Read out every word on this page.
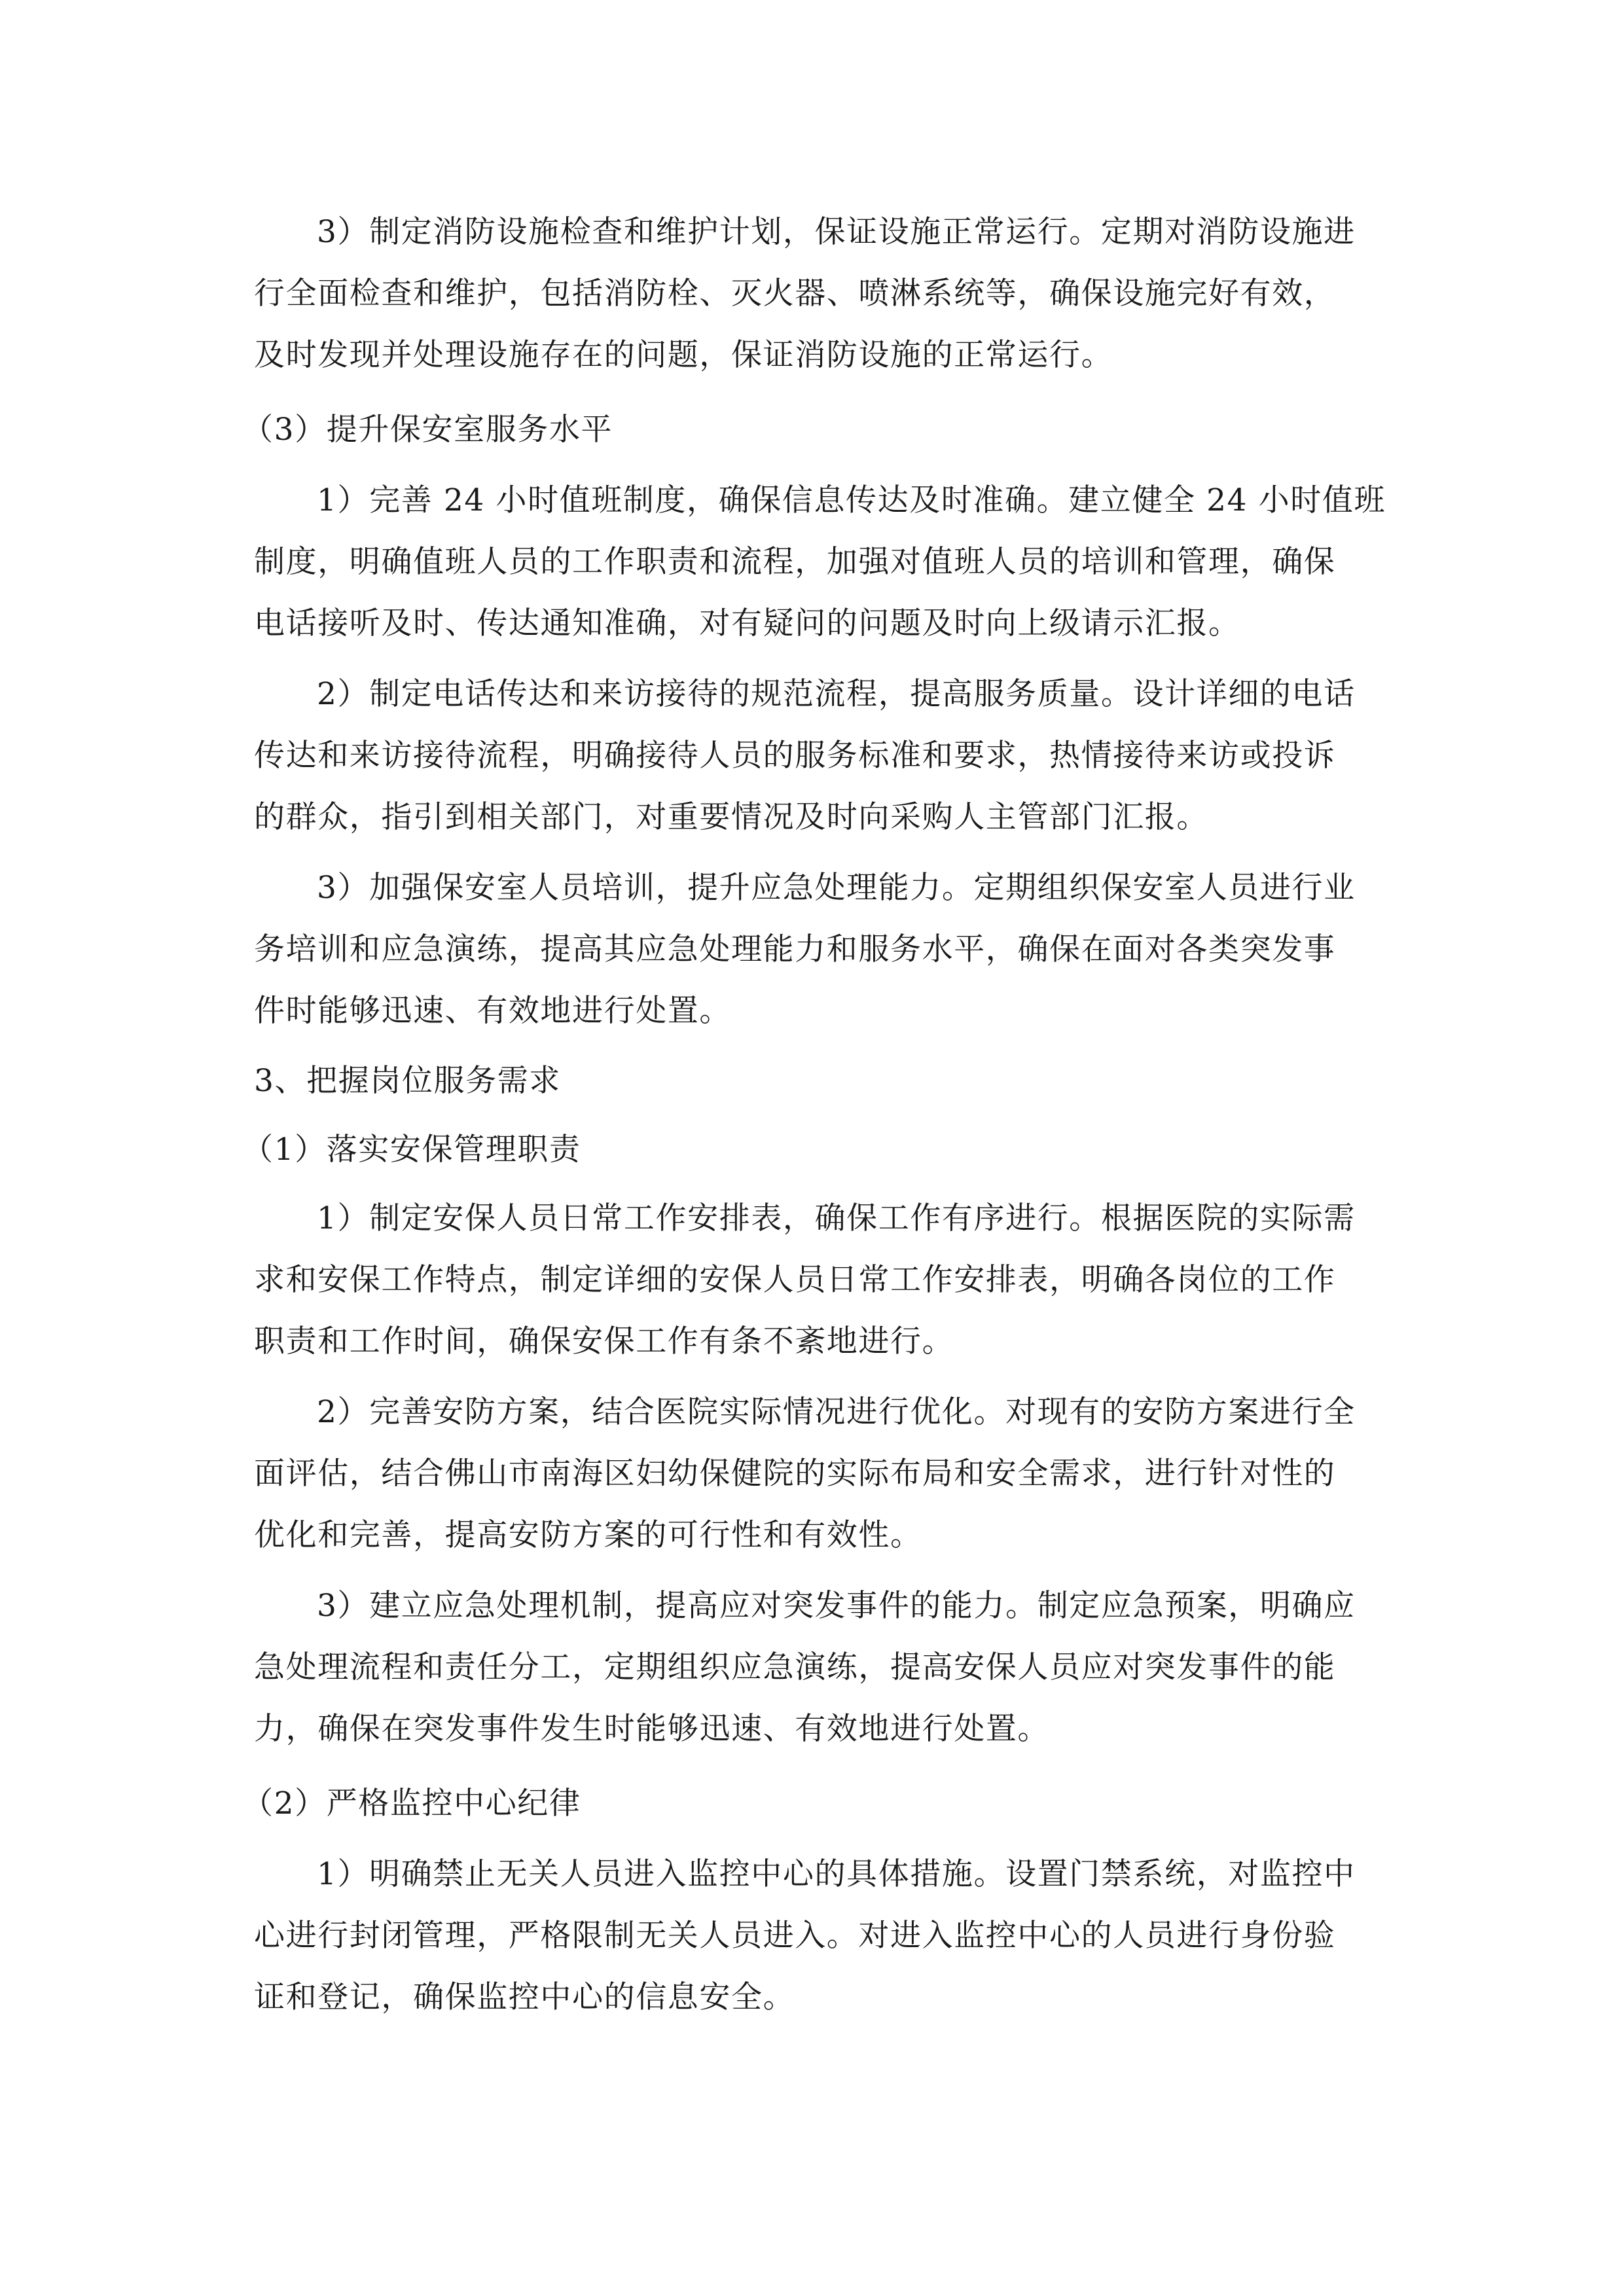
3）制定消防设施检查和维护计划，保证设施正常运行。定期对消防设施进
行全面检查和维护，包括消防栓、灭火器、喷淋系统等，确保设施完好有效，
及时发现并处理设施存在的问题，保证消防设施的正常运行。
（3）提升保安室服务水平
1）完善 24 小时值班制度，确保信息传达及时准确。建立健全 24 小时值班
制度，明确值班人员的工作职责和流程，加强对值班人员的培训和管理，确保
电话接听及时、传达通知准确，对有疑问的问题及时向上级请示汇报。
2）制定电话传达和来访接待的规范流程，提高服务质量。设计详细的电话
传达和来访接待流程，明确接待人员的服务标准和要求，热情接待来访或投诉
的群众，指引到相关部门，对重要情况及时向采购人主管部门汇报。
3）加强保安室人员培训，提升应急处理能力。定期组织保安室人员进行业
务培训和应急演练，提高其应急处理能力和服务水平，确保在面对各类突发事
件时能够迅速、有效地进行处置。
3、把握岗位服务需求
（1）落实安保管理职责
1）制定安保人员日常工作安排表，确保工作有序进行。根据医院的实际需
求和安保工作特点，制定详细的安保人员日常工作安排表，明确各岗位的工作
职责和工作时间，确保安保工作有条不紊地进行。
2）完善安防方案，结合医院实际情况进行优化。对现有的安防方案进行全
面评估，结合佛山市南海区妇幼保健院的实际布局和安全需求，进行针对性的
优化和完善，提高安防方案的可行性和有效性。
3）建立应急处理机制，提高应对突发事件的能力。制定应急预案，明确应
急处理流程和责任分工，定期组织应急演练，提高安保人员应对突发事件的能
力，确保在突发事件发生时能够迅速、有效地进行处置。
（2）严格监控中心纪律
1）明确禁止无关人员进入监控中心的具体措施。设置门禁系统，对监控中
心进行封闭管理，严格限制无关人员进入。对进入监控中心的人员进行身份验
证和登记，确保监控中心的信息安全。
